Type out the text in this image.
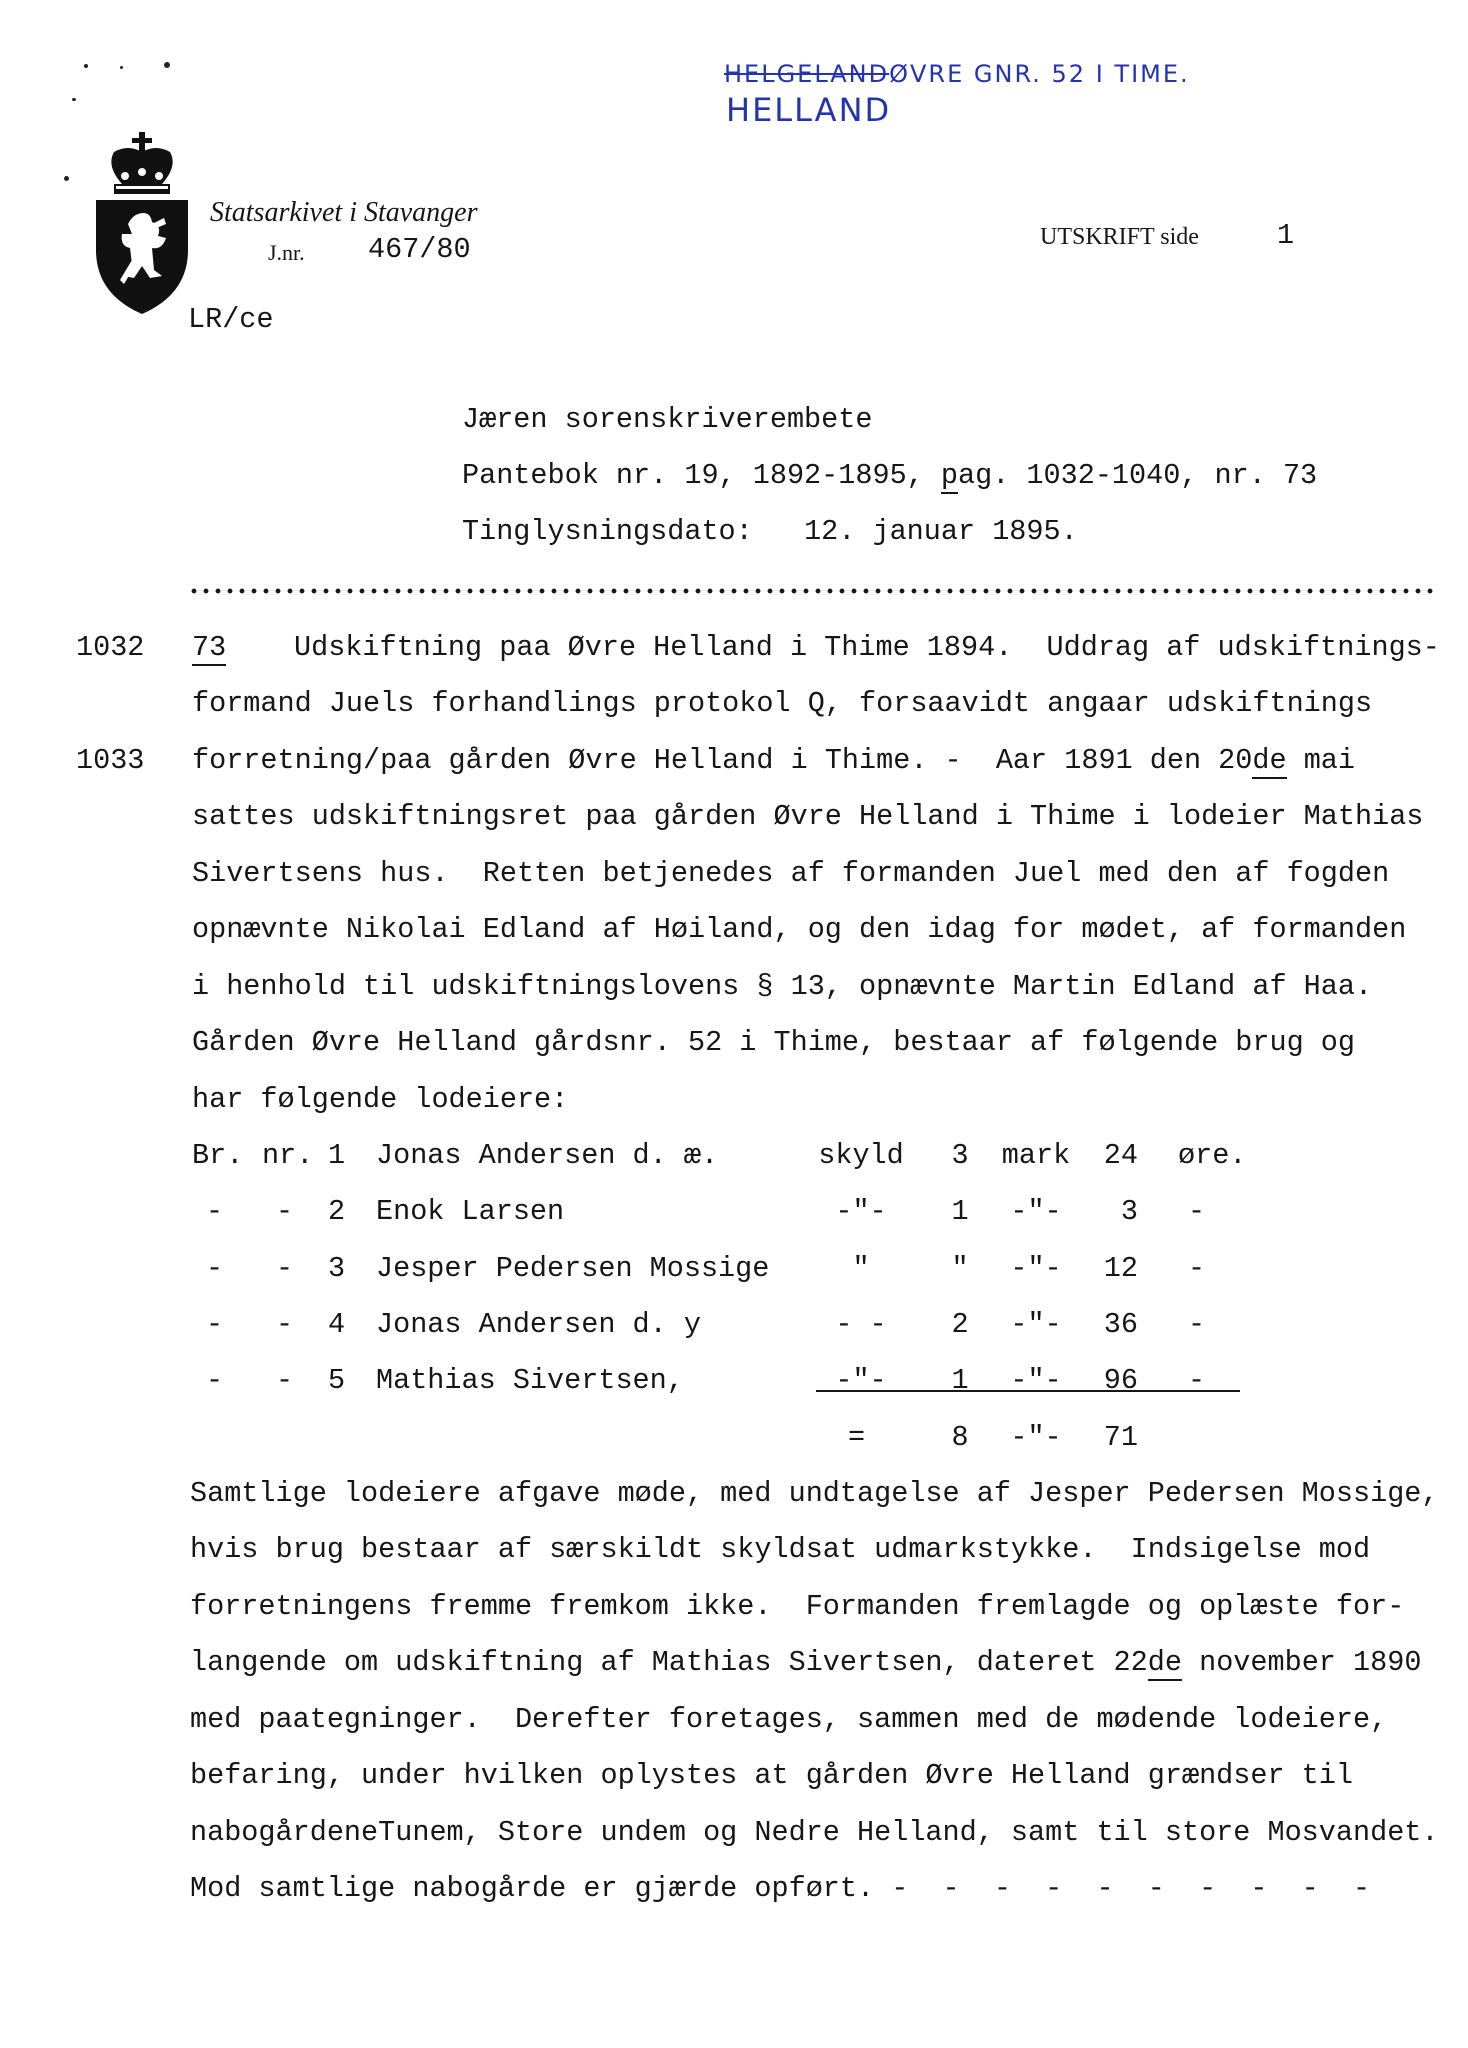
HELGELANDØVRE GNR. 52 I TIME.
HELLAND
Statsarkivet i Stavanger
J.nr. 467/80	UTSKRIFT side	1
LR/ce
Jæren sorenskriverembete
Pantebok nr. 19, 1892-1895, pag. 1032-1040, nr. 73
Tinglysningsdato: 12. januar 1895.
1032
1033
73 Udskiftning paa Øvre Helland i Thime 1894.  Uddrag af udskiftnings-
formand Juels forhandlings protokol Q, forsaavidt angaar udskiftnings
forretning/paa gården Øvre Helland i Thime. -  Aar 1891 den 20de mai
sattes udskiftningsret paa gården Øvre Helland i Thime i lodeier Mathias
Sivertsens hus.  Retten betjenedes af formanden Juel med den af fogden
opnævnte Nikolai Edland af Høiland, og den idag for mødet, af formanden
i henhold til udskiftningslovens § 13, opnævnte Martin Edland af Haa.
Gården Øvre Helland gårdsnr. 52 i Thime, bestaar af følgende brug og
har følgende lodeiere:
Br. nr. 1 Jonas Andersen d. æ.	skyld	3	mark	24 øre.
- - 2 Enok Larsen	-"-	1	-"-	3 -
- - 3 Jesper Pedersen Mossige	"	"	-"-	12 -
- - 4 Jonas Andersen d. y	- -	2	-"-	36 -
- - 5 Mathias Sivertsen,	-"-	1	-"-	96 -
=	8	-"-	71
Samtlige lodeiere afgave møde, med undtagelse af Jesper Pedersen Mossige,
hvis brug bestaar af særskildt skyldsat udmarkstykke.  Indsigelse mod
forretningens fremme fremkom ikke.  Formanden fremlagde og oplæste for-
langende om udskiftning af Mathias Sivertsen, dateret 22de november 1890
med paategninger.  Derefter foretages, sammen med de mødende lodeiere,
befaring, under hvilken oplystes at gården Øvre Helland grændser til
nabogårdeneTunem, Store undem og Nedre Helland, samt til store Mosvandet.
Mod samtlige nabogårde er gjærde opført. -  -  -  -  -  -  -  -  -  -
